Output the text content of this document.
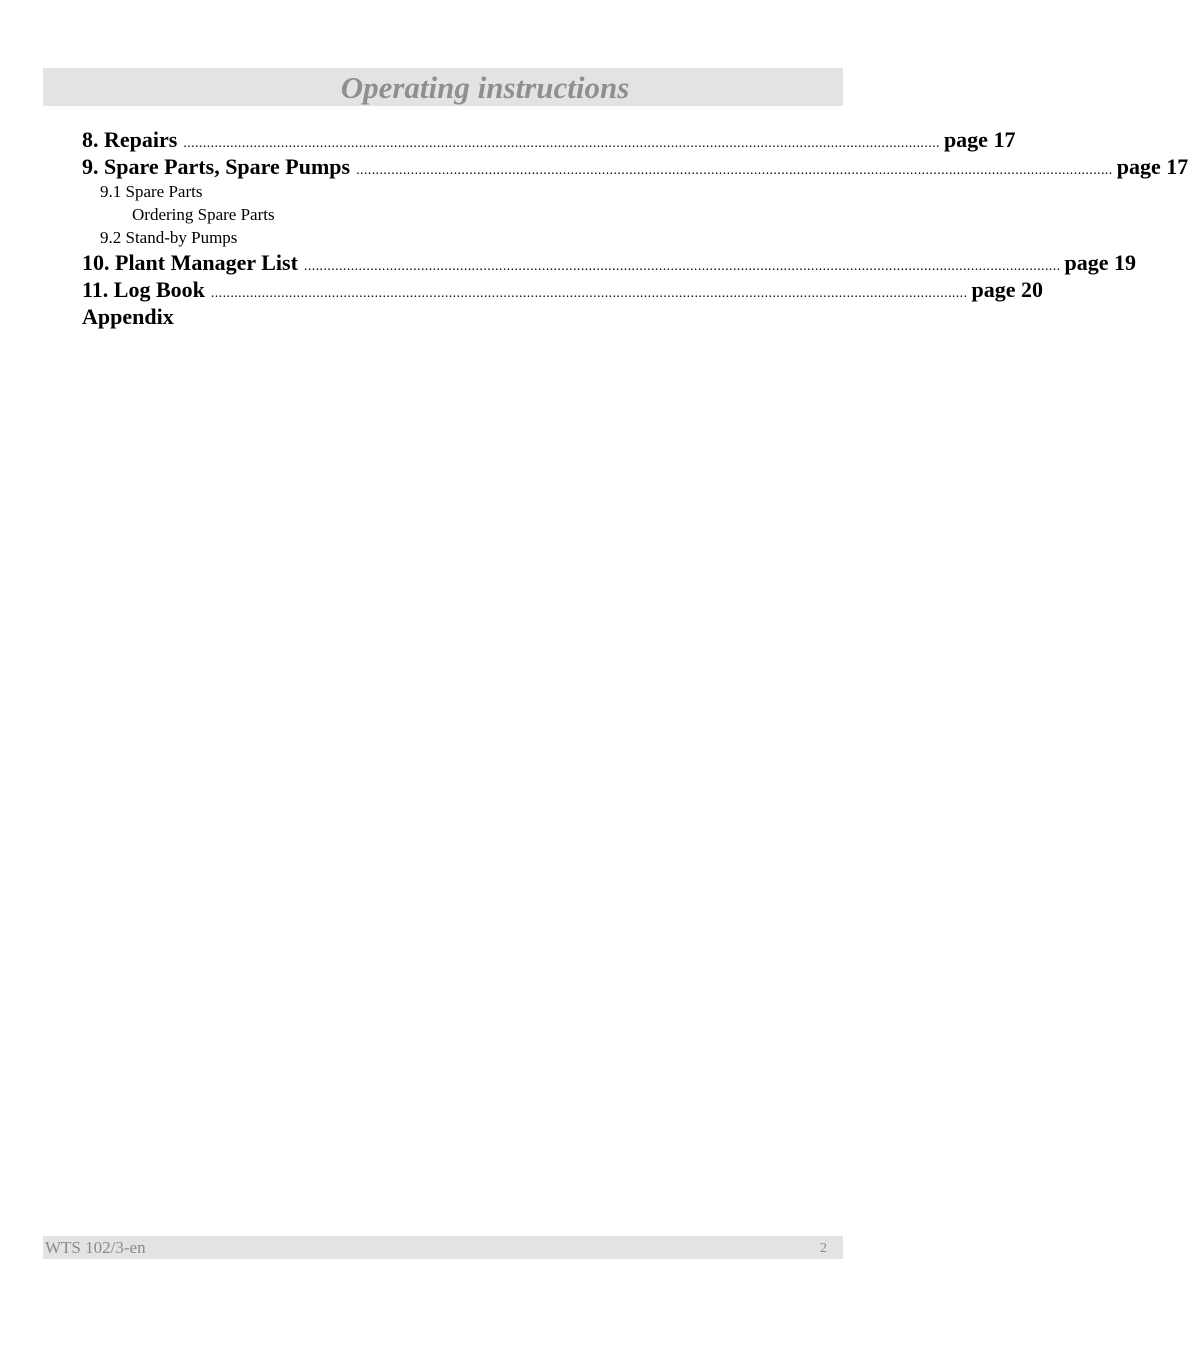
Operating instructions
8. Repairs .................................................................................................................................................................................................. page 17
9. Spare Parts, Spare Pumps .................................................................................................................................................................................................. page 17
9.1 Spare Parts
Ordering Spare Parts
9.2 Stand-by Pumps
10. Plant Manager List .................................................................................................................................................................................................. page 19
11. Log Book .................................................................................................................................................................................................. page 20
Appendix
WTS 102/3-en	2
